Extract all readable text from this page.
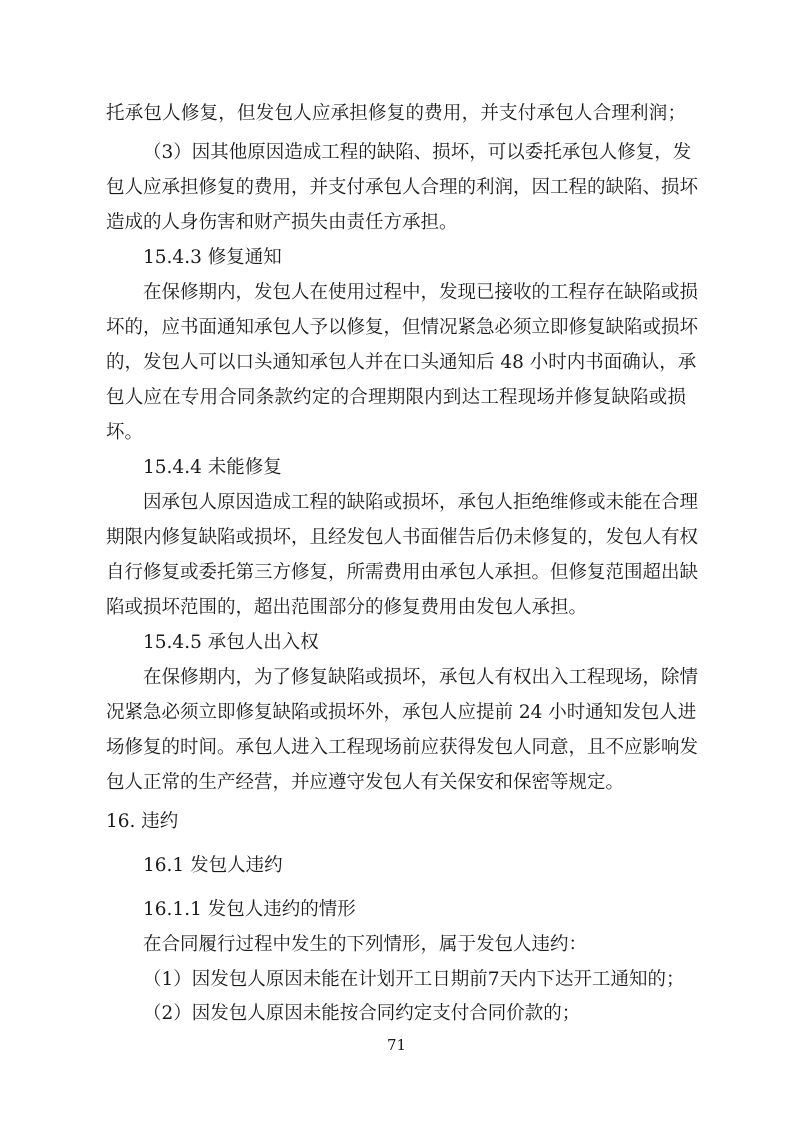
托承包人修复，但发包人应承担修复的费用，并支付承包人合理利润；
（3）因其他原因造成工程的缺陷、损坏，可以委托承包人修复，发
包人应承担修复的费用，并支付承包人合理的利润，因工程的缺陷、损坏
造成的人身伤害和财产损失由责任方承担。
15.4.3 修复通知
在保修期内，发包人在使用过程中，发现已接收的工程存在缺陷或损
坏的，应书面通知承包人予以修复，但情况紧急必须立即修复缺陷或损坏
的，发包人可以口头通知承包人并在口头通知后 48 小时内书面确认，承
包人应在专用合同条款约定的合理期限内到达工程现场并修复缺陷或损
坏。
15.4.4 未能修复
因承包人原因造成工程的缺陷或损坏，承包人拒绝维修或未能在合理
期限内修复缺陷或损坏，且经发包人书面催告后仍未修复的，发包人有权
自行修复或委托第三方修复，所需费用由承包人承担。但修复范围超出缺
陷或损坏范围的，超出范围部分的修复费用由发包人承担。
15.4.5 承包人出入权
在保修期内，为了修复缺陷或损坏，承包人有权出入工程现场，除情
况紧急必须立即修复缺陷或损坏外，承包人应提前 24 小时通知发包人进
场修复的时间。承包人进入工程现场前应获得发包人同意，且不应影响发
包人正常的生产经营，并应遵守发包人有关保安和保密等规定。
16. 违约
16.1 发包人违约
16.1.1 发包人违约的情形
在合同履行过程中发生的下列情形，属于发包人违约：
（1）因发包人原因未能在计划开工日期前7天内下达开工通知的；
（2）因发包人原因未能按合同约定支付合同价款的；
71
